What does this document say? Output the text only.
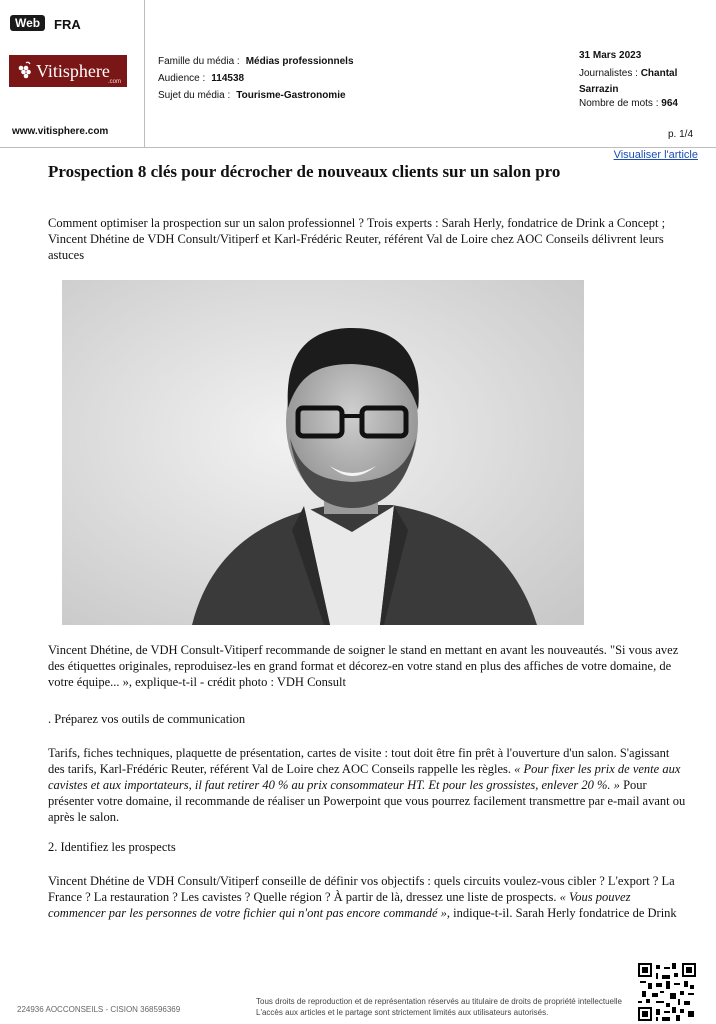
Web	FRA
Vitisphere
.com
www.vitisphere.com
Famille du média : Médias professionnels
Audience : 114538
Sujet du média : Tourisme-Gastronomie
31 Mars 2023
Journalistes : Chantal
Sarrazin
Nombre de mots : 964
p. 1/4
Visualiser l'article
Prospection 8 clés pour décrocher de nouveaux clients sur un salon pro

Comment optimiser la prospection sur un salon professionnel ? Trois experts : Sarah Herly, fondatrice de Drink a Concept ; Vincent Dhétine de VDH Consult/Vitiperf et Karl-Frédéric Reuter, référent Val de Loire chez AOC Conseils délivrent leurs astuces

Vincent Dhétine, de VDH Consult-Vitiperf recommande de soigner le stand en mettant en avant les nouveautés. "Si vous avez des étiquettes originales, reproduisez-les en grand format et décorez-en votre stand en plus des affiches de votre domaine, de votre équipe... », explique-t-il - crédit photo : VDH Consult

. Préparez vos outils de communication

Tarifs, fiches techniques, plaquette de présentation, cartes de visite : tout doit être fin prêt à l'ouverture d'un salon. S'agissant des tarifs, Karl-Frédéric Reuter, référent Val de Loire chez AOC Conseils rappelle les règles. « Pour fixer les prix de vente aux cavistes et aux importateurs, il faut retirer 40 % au prix consommateur HT. Et pour les grossistes, enlever 20 %. » Pour présenter votre domaine, il recommande de réaliser un Powerpoint que vous pourrez facilement transmettre par e-mail avant ou après le salon.

2. Identifiez les prospects

Vincent Dhétine de VDH Consult/Vitiperf conseille de définir vos objectifs : quels circuits voulez-vous cibler ? L'export ? La France ? La restauration ? Les cavistes ? Quelle région ? À partir de là, dressez une liste de prospects. « Vous pouvez commencer par les personnes de votre fichier qui n'ont pas encore commandé », indique-t-il. Sarah Herly fondatrice de Drink

224936 AOCCONSEILS - CISION 368596369
Tous droits de reproduction et de représentation réservés au titulaire de droits de propriété intellectuelle
L'accès aux articles et le partage sont strictement limités aux utilisateurs autorisés.
